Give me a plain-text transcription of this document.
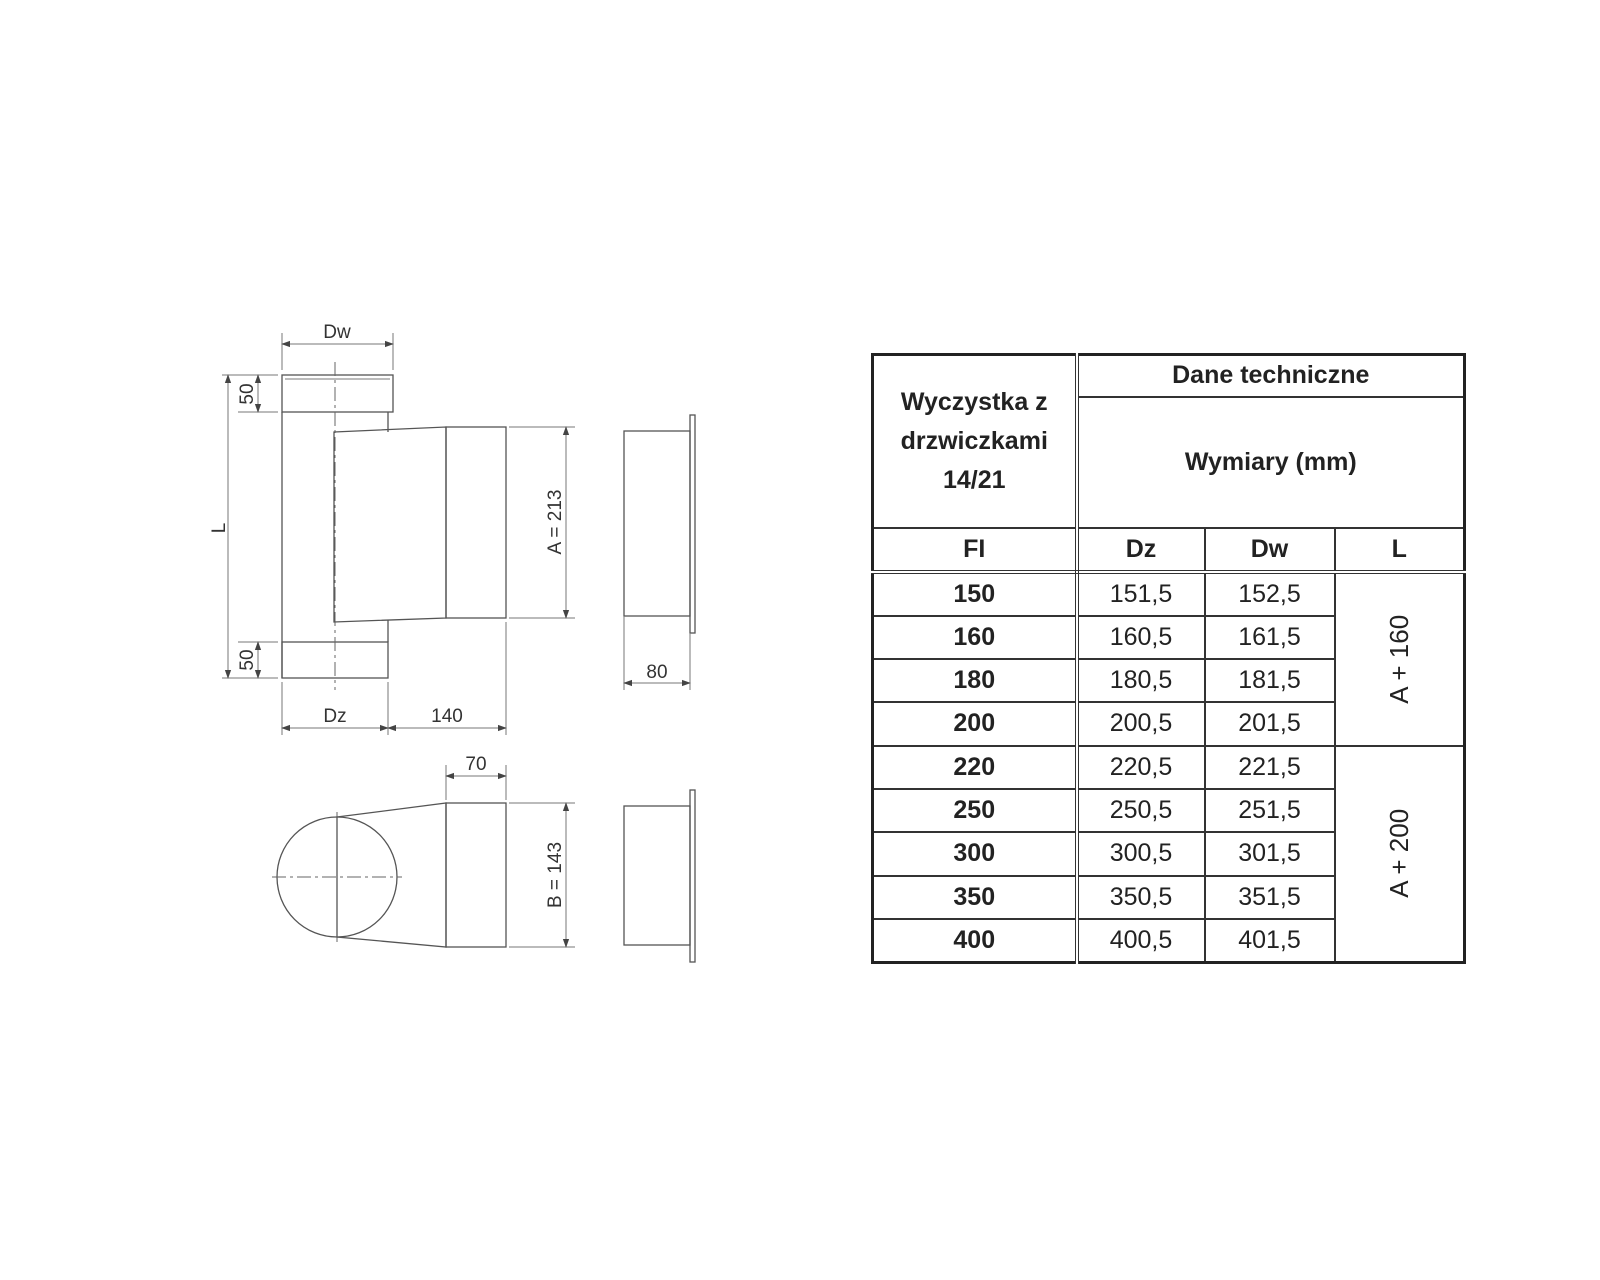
Dw
L
50
50
A = 213
Dz	140
80
70
B = 143
Wyczystka z
drzwiczkami
14/21	Dane techniczne		
	Wymiary (mm)		
FI	Dz	Dw	L
150	151,5	152,5	A + 160
160	160,5	161,5	
180	180,5	181,5	
200	200,5	201,5	
220	220,5	221,5	A + 200
250	250,5	251,5	
300	300,5	301,5	
350	350,5	351,5	
400	400,5	401,5	
